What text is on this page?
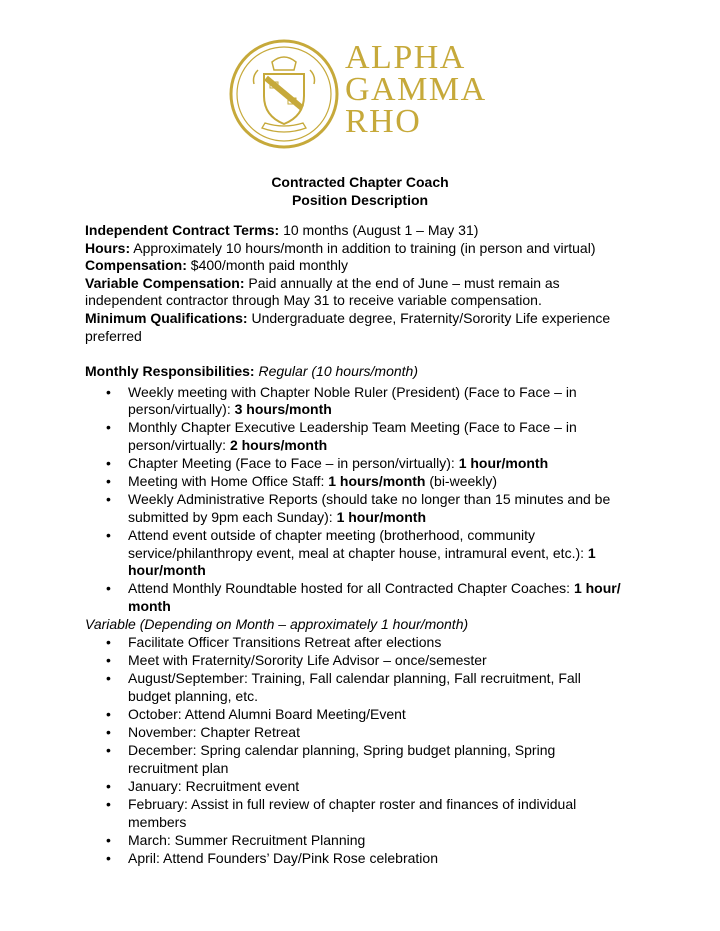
ALPHA
GAMMA
RHO
Contracted Chapter Coach
Position Description

Independent Contract Terms: 10 months (August 1 – May 31)

Hours: Approximately 10 hours/month in addition to training (in person and virtual)

Compensation: $400/month paid monthly

Variable Compensation: Paid annually at the end of June – must remain as independent contractor through May 31 to receive variable compensation.

Minimum Qualifications: Undergraduate degree, Fraternity/Sorority Life experience preferred

Monthly Responsibilities: Regular (10 hours/month)
• Weekly meeting with Chapter Noble Ruler (President) (Face to Face – in person/virtually): 3 hours/month
• Monthly Chapter Executive Leadership Team Meeting (Face to Face – in person/virtually: 2 hours/month
• Chapter Meeting (Face to Face – in person/virtually): 1 hour/month
• Meeting with Home Office Staff: 1 hours/month (bi-weekly)
• Weekly Administrative Reports (should take no longer than 15 minutes and be submitted by 9pm each Sunday): 1 hour/month
• Attend event outside of chapter meeting (brotherhood, community service/philanthropy event, meal at chapter house, intramural event, etc.): 1 hour/month
• Attend Monthly Roundtable hosted for all Contracted Chapter Coaches: 1 hour/ month
Variable (Depending on Month – approximately 1 hour/month)
• Facilitate Officer Transitions Retreat after elections
• Meet with Fraternity/Sorority Life Advisor – once/semester
• August/September: Training, Fall calendar planning, Fall recruitment, Fall budget planning, etc.
• October: Attend Alumni Board Meeting/Event
• November: Chapter Retreat
• December: Spring calendar planning, Spring budget planning, Spring recruitment plan
• January: Recruitment event
• February: Assist in full review of chapter roster and finances of individual members
• March: Summer Recruitment Planning
• April: Attend Founders’ Day/Pink Rose celebration
